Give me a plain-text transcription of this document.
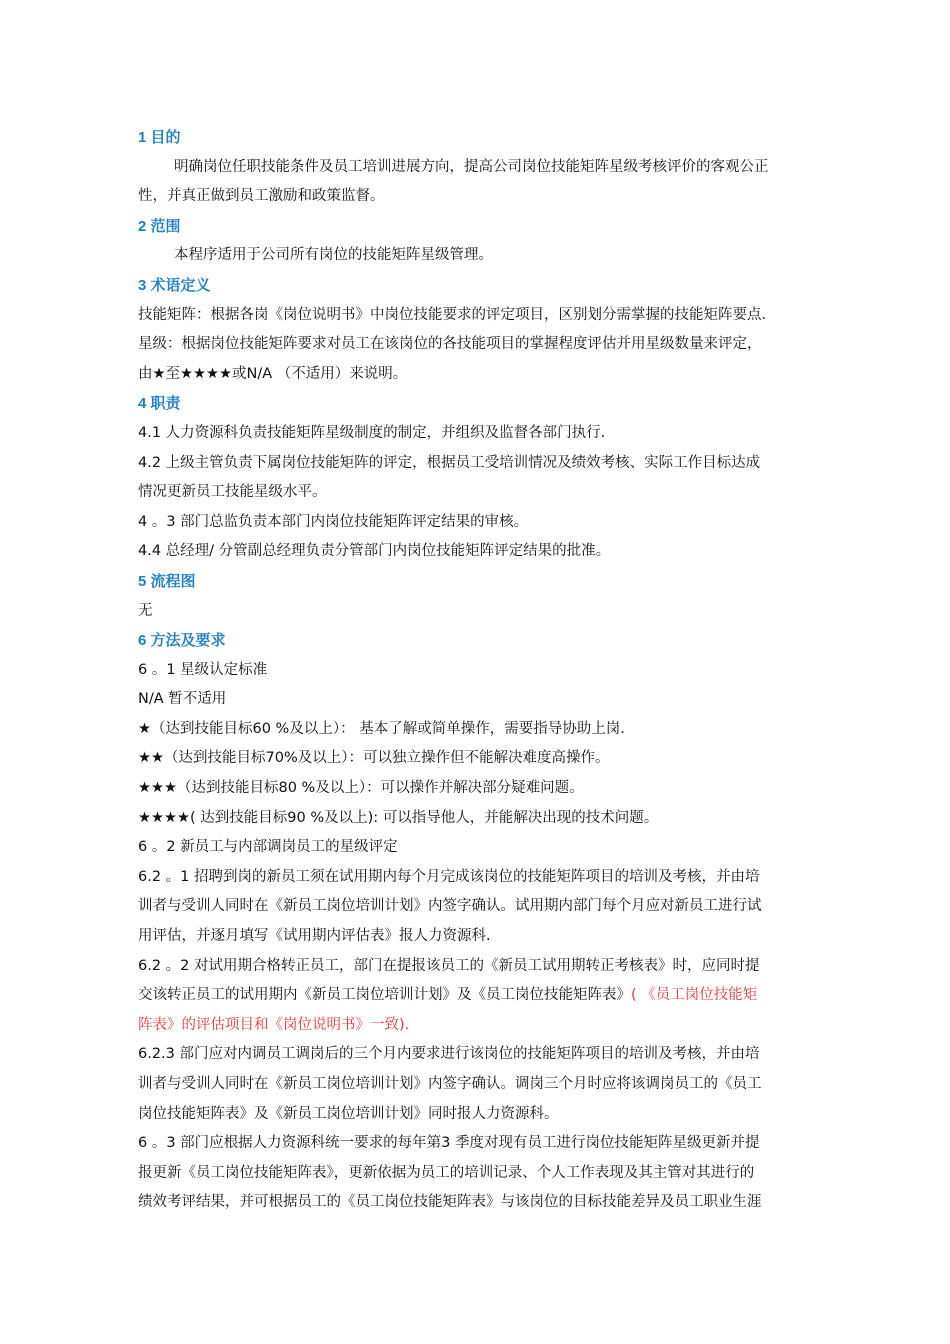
1 目的
明确岗位任职技能条件及员工培训进展方向，提高公司岗位技能矩阵星级考核评价的客观公正
性，并真正做到员工激励和政策监督。
2 范围
本程序适用于公司所有岗位的技能矩阵星级管理。
3 术语定义
技能矩阵：根据各岗《岗位说明书》中岗位技能要求的评定项目，区别划分需掌握的技能矩阵要点.
星级：根据岗位技能矩阵要求对员工在该岗位的各技能项目的掌握程度评估并用星级数量来评定，
由★至★★★★或N/A （不适用）来说明。
4 职责
4.1 人力资源科负责技能矩阵星级制度的制定，并组织及监督各部门执行.
4.2 上级主管负责下属岗位技能矩阵的评定，根据员工受培训情况及绩效考核、实际工作目标达成
情况更新员工技能星级水平。
4 。3 部门总监负责本部门内岗位技能矩阵评定结果的审核。
4.4 总经理/ 分管副总经理负责分管部门内岗位技能矩阵评定结果的批准。
5 流程图
无
6 方法及要求
6 。1 星级认定标准
N/A 暂不适用
★（达到技能目标60 %及以上）： 基本了解或简单操作，需要指导协助上岗.
★★（达到技能目标70%及以上）：可以独立操作但不能解决难度高操作。
★★★（达到技能目标80 %及以上）：可以操作并解决部分疑难问题。
★★★★( 达到技能目标90 %及以上): 可以指导他人，并能解决出现的技术问题。
6 。2 新员工与内部调岗员工的星级评定
6.2 。1 招聘到岗的新员工须在试用期内每个月完成该岗位的技能矩阵项目的培训及考核，并由培
训者与受训人同时在《新员工岗位培训计划》内签字确认。试用期内部门每个月应对新员工进行试
用评估，并逐月填写《试用期内评估表》报人力资源科.
6.2 。2 对试用期合格转正员工，部门在提报该员工的《新员工试用期转正考核表》时，应同时提
交该转正员工的试用期内《新员工岗位培训计划》及《员工岗位技能矩阵表》( 《员工岗位技能矩
阵表》的评估项目和《岗位说明书》一致).
6.2.3 部门应对内调员工调岗后的三个月内要求进行该岗位的技能矩阵项目的培训及考核，并由培
训者与受训人同时在《新员工岗位培训计划》内签字确认。调岗三个月时应将该调岗员工的《员工
岗位技能矩阵表》及《新员工岗位培训计划》同时报人力资源科。
6 。3 部门应根据人力资源科统一要求的每年第3 季度对现有员工进行岗位技能矩阵星级更新并提
报更新《员工岗位技能矩阵表》，更新依据为员工的培训记录、个人工作表现及其主管对其进行的
绩效考评结果，并可根据员工的《员工岗位技能矩阵表》与该岗位的目标技能差异及员工职业生涯
